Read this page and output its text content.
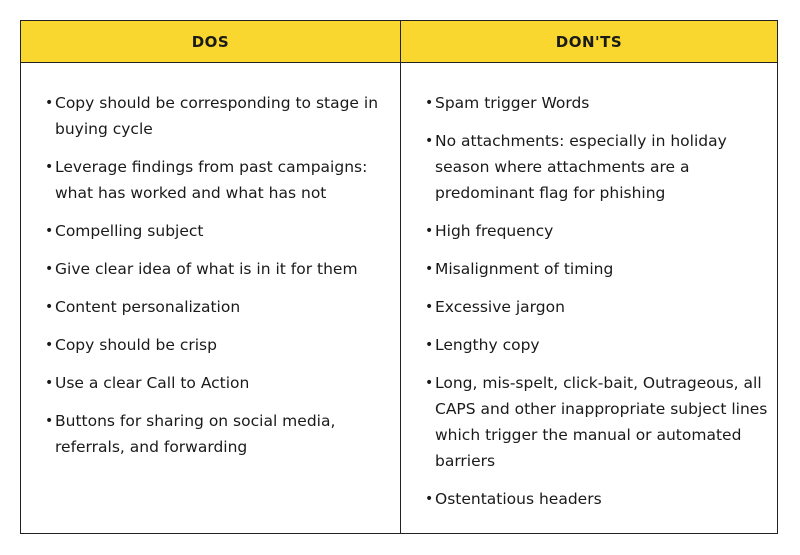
DOS	DON'TS
• Copy should be corresponding to stage in buying cycle
• Leverage findings from past campaigns: what has worked and what has not
• Compelling subject
• Give clear idea of what is in it for them
• Content personalization
• Copy should be crisp
• Use a clear Call to Action
• Buttons for sharing on social media, referrals, and forwarding
• Spam trigger Words
• No attachments: especially in holiday season where attachments are a predominant flag for phishing
• High frequency
• Misalignment of timing
• Excessive jargon
• Lengthy copy
• Long, mis-spelt, click-bait, Outrageous, all CAPS and other inappropriate subject lines which trigger the manual or automated barriers
• Ostentatious headers
